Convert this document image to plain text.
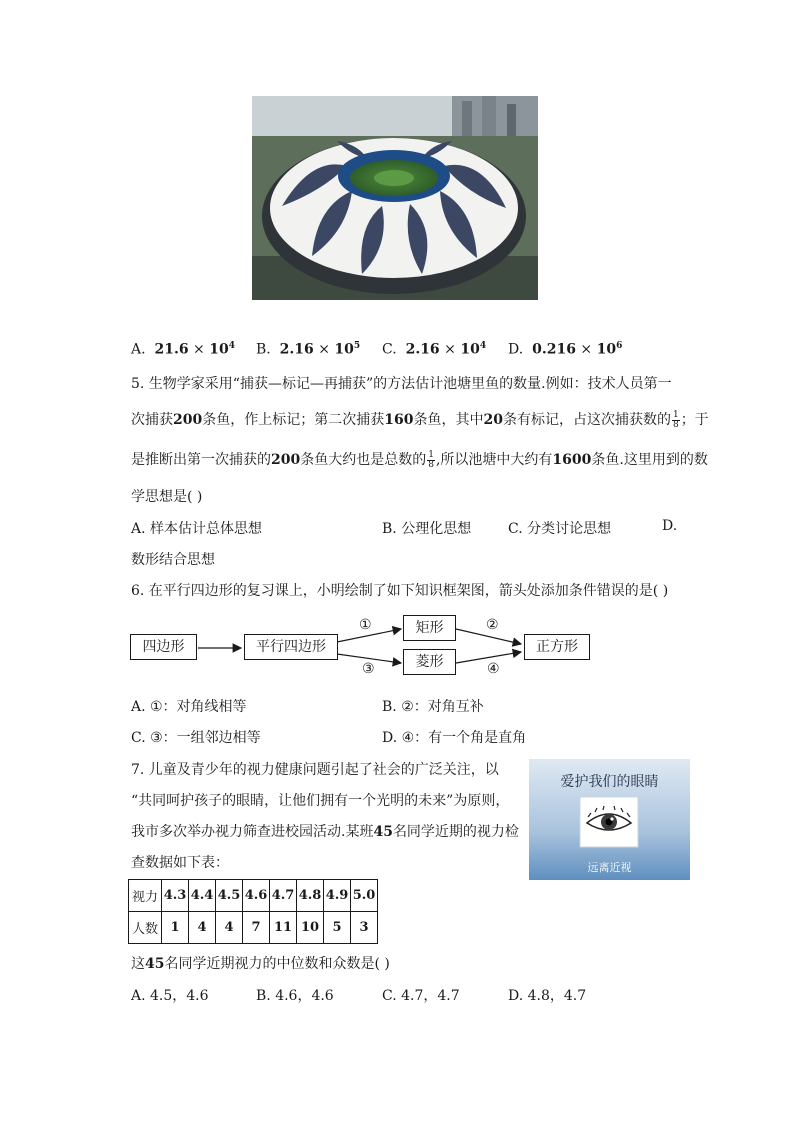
A. $21.6 \times 10^4$ B. $2.16 \times 10^5$ C. $2.16 \times 10^4$ D. $0.216 \times 10^6$
5. 生物学家采用“捕获—标记—再捕获”的方法估计池塘里鱼的数量.例如：技术人员第一
次捕获200条鱼，作上标记；第二次捕获160条鱼，其中20条有标记，占这次捕获数的 $\frac{1}{8}$ ；于
是推断出第一次捕获的200条鱼大约也是总数的 $\frac{1}{8}$ ,所以池塘中大约有1600条鱼.这里用到的数
学思想是( )
A. 样本估计总体思想	B. 公理化思想	C. 分类讨论思想	D.
数形结合思想
6. 在平行四边形的复习课上，小明绘制了如下知识框架图，箭头处添加条件错误的是( )
四边形	平行四边形
矩形
菱形
正方形
①	②
③	④
A. ①：对角线相等	B. ②：对角互补
C. ③：一组邻边相等	D. ④：有一个角是直角
7. 儿童及青少年的视力健康问题引起了社会的广泛关注，以
“共同呵护孩子的眼睛，让他们拥有一个光明的未来”为原则，
我市多次举办视力筛查进校园活动.某班45名同学近期的视力检
查数据如下表：
爱护我们的眼睛
远离近视
视力	4.3	4.4	4.5	4.6	4.7	4.8	4.9	5.0
人数	1	4	4	7	11	10	5	3
这45名同学近期视力的中位数和众数是( )
A. 4.5，4.6	B. 4.6，4.6	C. 4.7，4.7	D. 4.8，4.7
